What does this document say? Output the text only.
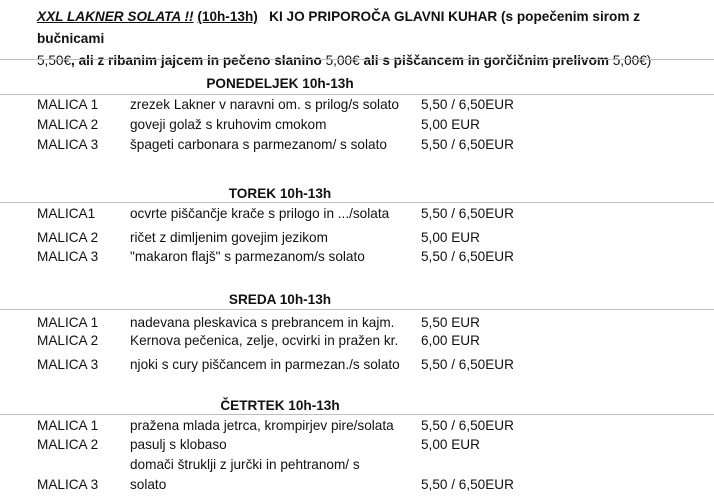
XXL LAKNER SOLATA !! (10h-13h) KI JO PRIPOROČA GLAVNI KUHAR (s popečenim sirom z bučnicami
5,50€, ali z ribanim jajcem in pečeno slanino 5,00€ ali s piščancem in gorčičnim prelivom 5,00€)
PONEDELJEK 10h-13h
MALICA 1 zrezek Lakner v naravni om. s prilog/s solato 5,50 / 6,50EUR
MALICA 2 goveji golaž s kruhovim cmokom	5,00 EUR
MALICA 3 špageti carbonara s parmezanom/ s solato	5,50 / 6,50EUR
TOREK 10h-13h
MALICA1	ocvrte piščančje krače s prilogo in .../solata 5,50 / 6,50EUR
MALICA 2 ričet z dimljenim govejim jezikom	5,00 EUR
MALICA 3 "makaron flajš" s parmezanom/s solato	5,50 / 6,50EUR
SREDA 10h-13h
MALICA 1 nadevana pleskavica s prebrancem in kajm. 5,50 EUR
MALICA 2 Kernova pečenica, zelje, ocvirki in pražen kr. 6,00 EUR
MALICA 3 njoki s cury piščancem in parmezan./s solato 5,50 / 6,50EUR
ČETRTEK 10h-13h
MALICA 1 pražena mlada jetrca, krompirjev pire/solata 5,50 / 6,50EUR
MALICA 2 pasulj s klobaso	5,00 EUR
domači štruklji z jurčki in pehtranom/ s
MALICA 3 solato	5,50 / 6,50EUR
